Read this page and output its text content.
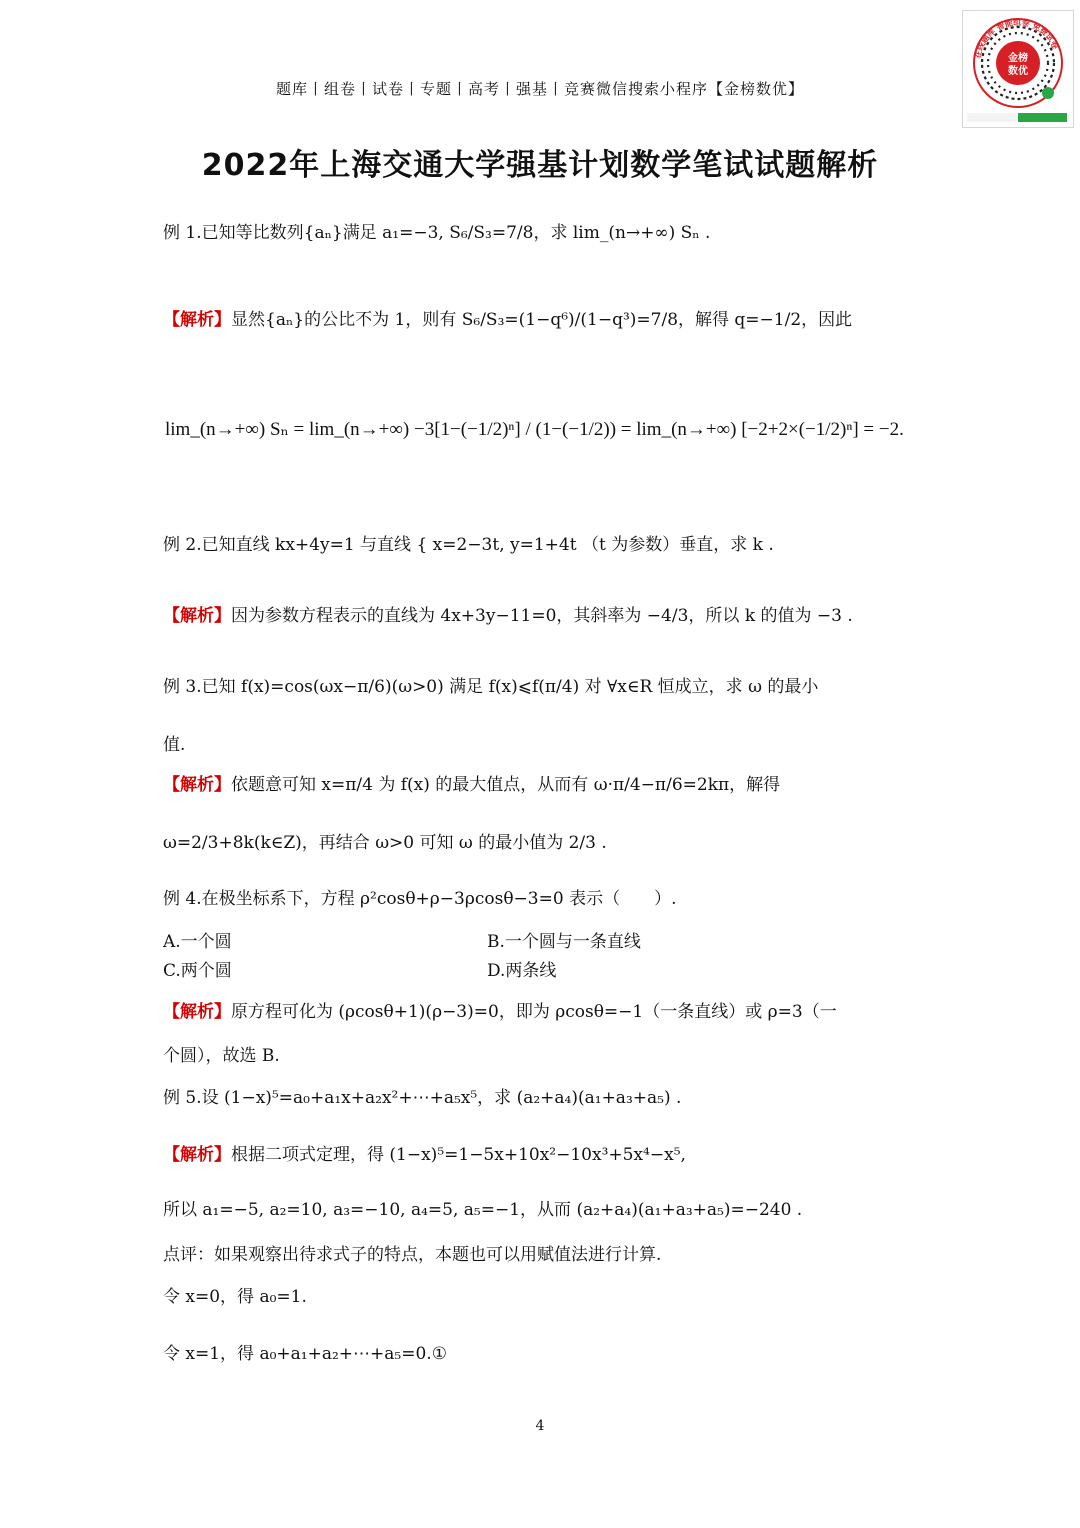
题库丨组卷丨试卷丨专题丨高考丨强基丨竞赛微信搜索小程序【金榜数优】
金榜
数优
在线题库 智能组卷 免费试卷
2022年上海交通大学强基计划数学笔试试题解析
例 1.已知等比数列{aₙ}满足 a₁=−3, S₆/S₃=7/8，求 lim_(n→+∞) Sₙ .
【解析】显然{aₙ}的公比不为 1，则有 S₆/S₃=(1−q⁶)/(1−q³)=7/8，解得 q=−1/2，因此
lim_(n→+∞) Sₙ = lim_(n→+∞) −3[1−(−1/2)ⁿ] / (1−(−1/2)) = lim_(n→+∞) [−2+2×(−1/2)ⁿ] = −2.
例 2.已知直线 kx+4y=1 与直线 { x=2−3t, y=1+4t （t 为参数）垂直，求 k .
【解析】因为参数方程表示的直线为 4x+3y−11=0，其斜率为 −4/3，所以 k 的值为 −3 .
例 3.已知 f(x)=cos(ωx−π/6)(ω>0) 满足 f(x)⩽f(π/4) 对 ∀x∈R 恒成立，求 ω 的最小
值.
【解析】依题意可知 x=π/4 为 f(x) 的最大值点，从而有 ω·π/4−π/6=2kπ，解得
ω=2/3+8k(k∈Z)，再结合 ω>0 可知 ω 的最小值为 2/3 .
例 4.在极坐标系下，方程 ρ²cosθ+ρ−3ρcosθ−3=0 表示（　　）.
A.一个圆	B.一个圆与一条直线
C.两个圆	D.两条线
【解析】原方程可化为 (ρcosθ+1)(ρ−3)=0，即为 ρcosθ=−1（一条直线）或 ρ=3（一
个圆），故选 B.
例 5.设 (1−x)⁵=a₀+a₁x+a₂x²+⋯+a₅x⁵，求 (a₂+a₄)(a₁+a₃+a₅) .
【解析】根据二项式定理，得 (1−x)⁵=1−5x+10x²−10x³+5x⁴−x⁵,
所以 a₁=−5, a₂=10, a₃=−10, a₄=5, a₅=−1，从而 (a₂+a₄)(a₁+a₃+a₅)=−240 .
点评：如果观察出待求式子的特点，本题也可以用赋值法进行计算.
令 x=0，得 a₀=1.
令 x=1，得 a₀+a₁+a₂+⋯+a₅=0.①
4
